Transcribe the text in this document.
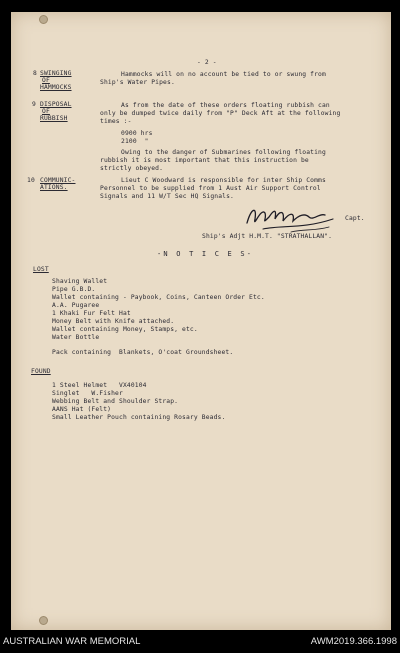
- 2 -
8 SWINGING
OF
HAMMOCKS
Hammocks will on no account be tied to or swung from
Ship's Water Pipes.
9 DISPOSAL
OF
RUBBISH
As from the date of these orders floating rubbish can
only be dumped twice daily from "P" Deck Aft at the following
times :-
0900 hrs
2100  "
Owing to the danger of Submarines following floating
rubbish it is most important that this instruction be
strictly obeyed.
10 COMMUNIC-
ATIONS.
Lieut C Woodward is responsible for inter Ship Comms
Personnel to be supplied from 1 Aust Air Support Control
Signals and 11 W/T Sec HQ Signals.
Capt.
Ship's Adjt H.M.T. "STRATHALLAN".
-N O T I C E S-
LOST
Shaving Wallet
Pipe G.B.D.
Wallet containing - Paybook, Coins, Canteen Order Etc.
A.A. Pugaree
1 Khaki Fur Felt Hat
Money Belt with Knife attached.
Wallet containing Money, Stamps, etc.
Water Bottle
Pack containing  Blankets, O'coat Groundsheet.
FOUND
1 Steel Helmet   VX40104
Singlet   W.Fisher
Webbing Belt and Shoulder Strap.
AANS Hat (Felt)
Small Leather Pouch containing Rosary Beads.
AUSTRALIAN WAR MEMORIAL	AWM2019.366.1998
